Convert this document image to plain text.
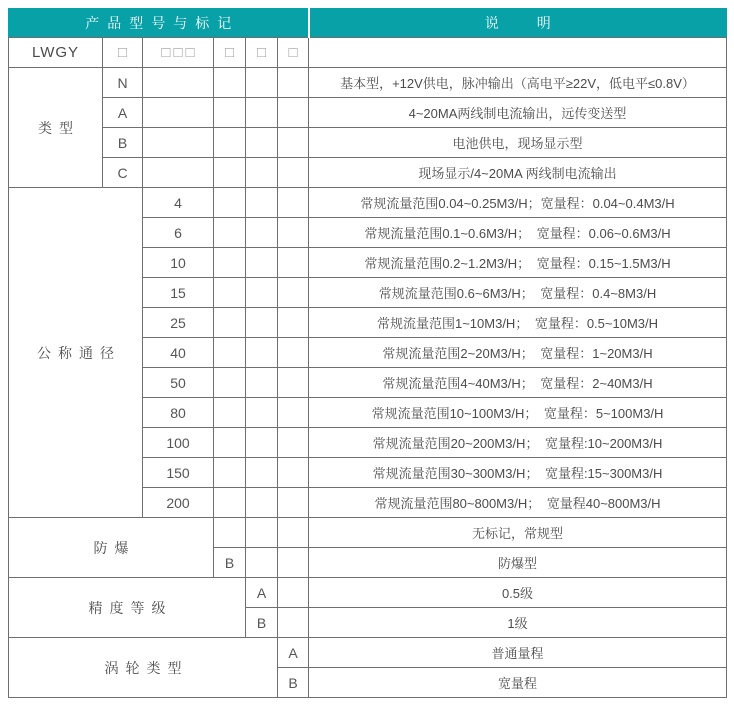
产品型号与标记						说明
LWGY	□	□□□	□	□	□	
类型	N					基本型，+12V供电，脉冲输出（高电平≥22V，低电平≤0.8V）
	A					4~20MA两线制电流输出，远传变送型
	B					电池供电，现场显示型
	C					现场显示/4~20MA 两线制电流输出
公称通径		4				常规流量范围0.04~0.25M3/H；宽量程：0.04~0.4M3/H
		6				常规流量范围0.1~0.6M3/H；　宽量程：0.06~0.6M3/H
		10				常规流量范围0.2~1.2M3/H；　宽量程：0.15~1.5M3/H
		15				常规流量范围0.6~6M3/H；　宽量程：0.4~8M3/H
		25				常规流量范围1~10M3/H；　宽量程：0.5~10M3/H
		40				常规流量范围2~20M3/H；　宽量程：1~20M3/H
		50				常规流量范围4~40M3/H；　宽量程：2~40M3/H
		80				常规流量范围10~100M3/H；　宽量程：5~100M3/H
		100				常规流量范围20~200M3/H；　宽量程:10~200M3/H
		150				常规流量范围30~300M3/H；　宽量程:15~300M3/H
		200				常规流量范围80~800M3/H；　宽量程40~800M3/H
防爆						无标记，常规型
			B			防爆型
精度等级				A		0.5级
				B		1级
涡轮类型					A	普通量程
					B	宽量程
